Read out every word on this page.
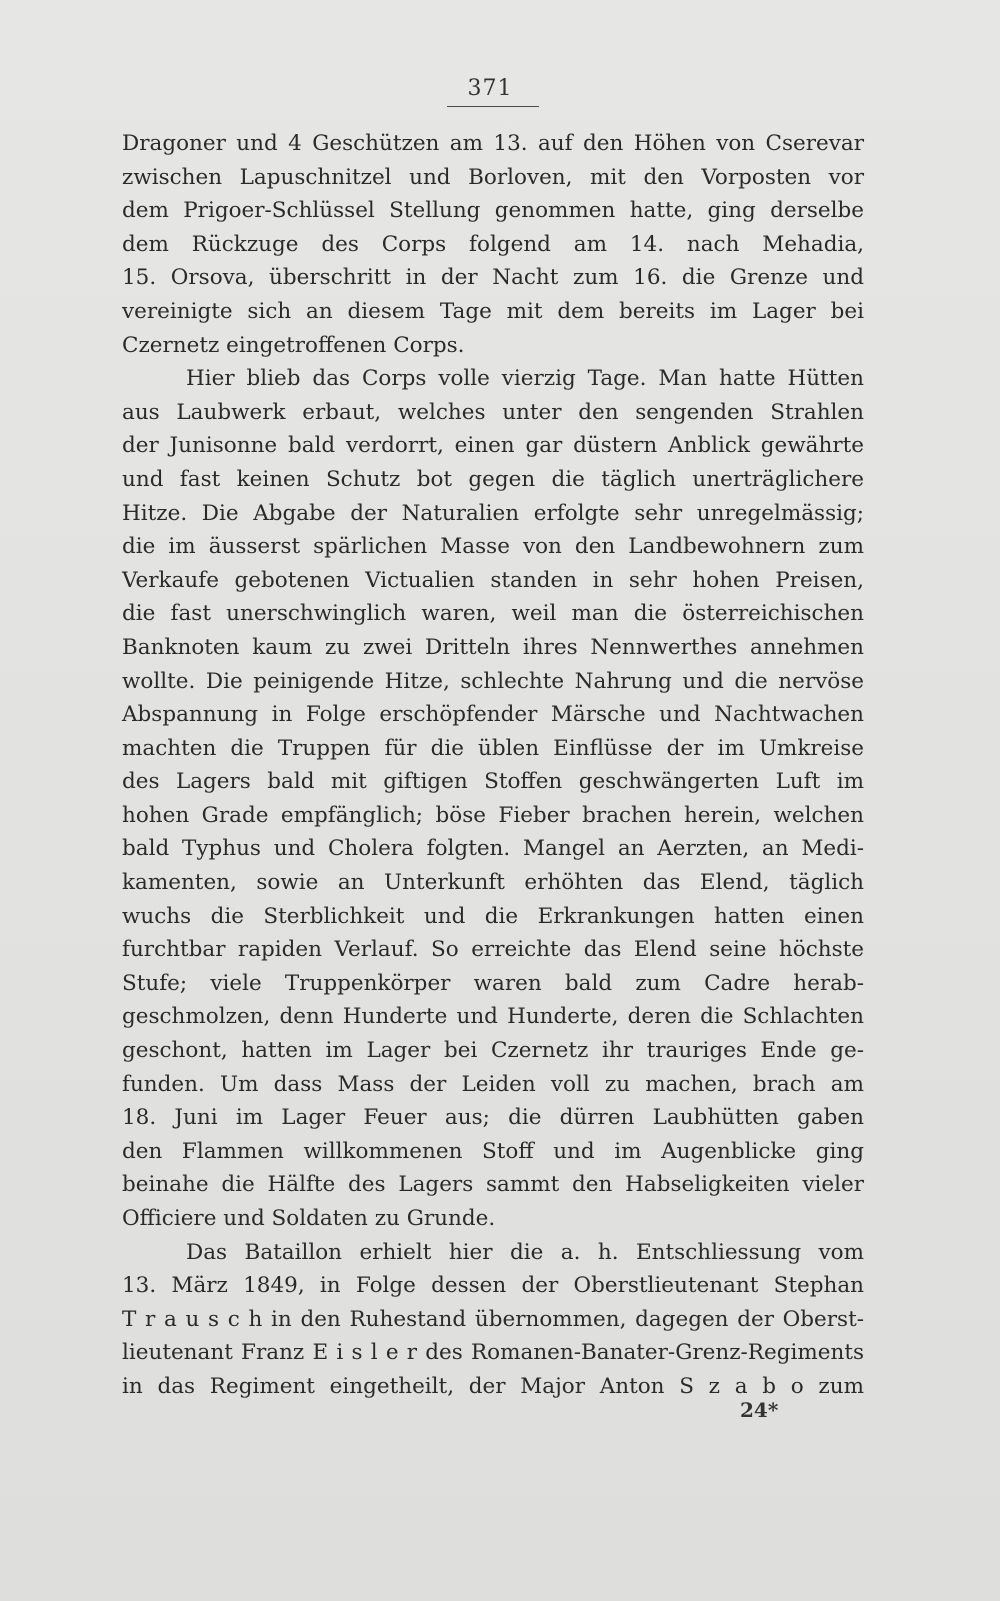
371
Dragoner und 4 Geschützen am 13. auf den Höhen von Cserevar
zwischen Lapuschnitzel und Borloven, mit den Vorposten vor
dem Prigoer-Schlüssel Stellung genommen hatte, ging derselbe
dem Rückzuge des Corps folgend am 14. nach Mehadia,
15. Orsova, überschritt in der Nacht zum 16. die Grenze und
vereinigte sich an diesem Tage mit dem bereits im Lager bei
Czernetz eingetroffenen Corps.
Hier blieb das Corps volle vierzig Tage. Man hatte Hütten
aus Laubwerk erbaut, welches unter den sengenden Strahlen
der Junisonne bald verdorrt, einen gar düstern Anblick gewährte
und fast keinen Schutz bot gegen die täglich unerträglichere
Hitze. Die Abgabe der Naturalien erfolgte sehr unregelmässig;
die im äusserst spärlichen Masse von den Landbewohnern zum
Verkaufe gebotenen Victualien standen in sehr hohen Preisen,
die fast unerschwinglich waren, weil man die österreichischen
Banknoten kaum zu zwei Dritteln ihres Nennwerthes annehmen
wollte. Die peinigende Hitze, schlechte Nahrung und die nervöse
Abspannung in Folge erschöpfender Märsche und Nachtwachen
machten die Truppen für die üblen Einflüsse der im Umkreise
des Lagers bald mit giftigen Stoffen geschwängerten Luft im
hohen Grade empfänglich; böse Fieber brachen herein, welchen
bald Typhus und Cholera folgten. Mangel an Aerzten, an Medi-
kamenten, sowie an Unterkunft erhöhten das Elend, täglich
wuchs die Sterblichkeit und die Erkrankungen hatten einen
furchtbar rapiden Verlauf. So erreichte das Elend seine höchste
Stufe; viele Truppenkörper waren bald zum Cadre herab-
geschmolzen, denn Hunderte und Hunderte, deren die Schlachten
geschont, hatten im Lager bei Czernetz ihr trauriges Ende ge-
funden. Um dass Mass der Leiden voll zu machen, brach am
18. Juni im Lager Feuer aus; die dürren Laubhütten gaben
den Flammen willkommenen Stoff und im Augenblicke ging
beinahe die Hälfte des Lagers sammt den Habseligkeiten vieler
Officiere und Soldaten zu Grunde.
Das Bataillon erhielt hier die a. h. Entschliessung vom
13. März 1849, in Folge dessen der Oberstlieutenant Stephan
T r a u s c h in den Ruhestand übernommen, dagegen der Oberst-
lieutenant Franz E i s l e r des Romanen-Banater-Grenz-Regiments
in das Regiment eingetheilt, der Major Anton S z a b o zum
24*
